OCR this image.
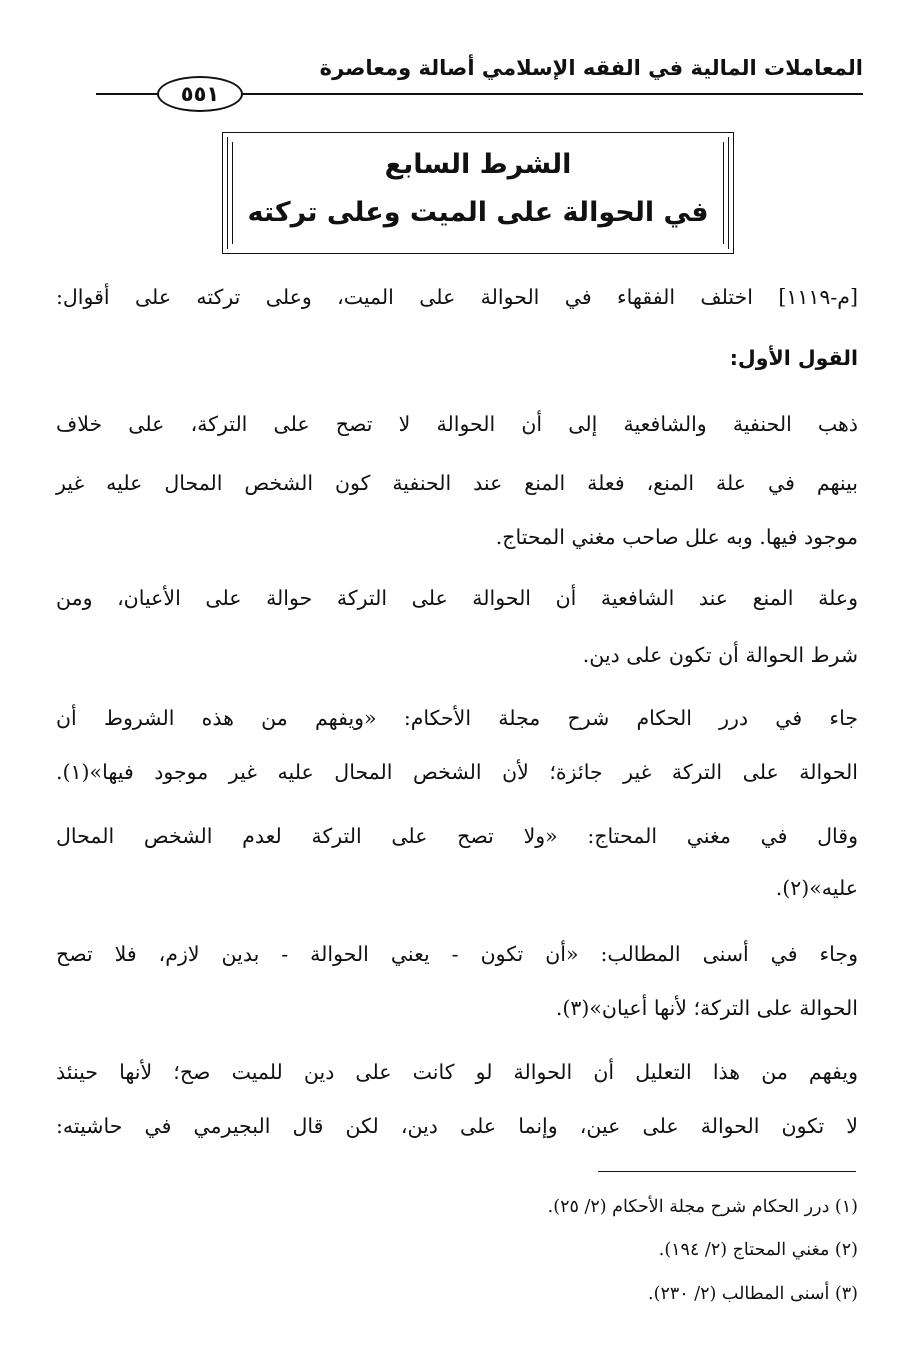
المعاملات المالية في الفقه الإسلامي أصالة ومعاصرة
٥٥١
الشرط السابع
في الحوالة على الميت وعلى تركته
[م-١١١٩] اختلف الفقهاء في الحوالة على الميت، وعلى تركته على أقوال:
القول الأول:
ذهب الحنفية والشافعية إلى أن الحوالة لا تصح على التركة، على خلاف
بينهم في علة المنع، فعلة المنع عند الحنفية كون الشخص المحال عليه غير
موجود فيها. وبه علل صاحب مغني المحتاج.
وعلة المنع عند الشافعية أن الحوالة على التركة حوالة على الأعيان، ومن
شرط الحوالة أن تكون على دين.
جاء في درر الحكام شرح مجلة الأحكام: «ويفهم من هذه الشروط أن
الحوالة على التركة غير جائزة؛ لأن الشخص المحال عليه غير موجود فيها»(١).
وقال في مغني المحتاج: «ولا تصح على التركة لعدم الشخص المحال
عليه»(٢).
وجاء في أسنى المطالب: «أن تكون - يعني الحوالة - بدين لازم، فلا تصح
الحوالة على التركة؛ لأنها أعيان»(٣).
ويفهم من هذا التعليل أن الحوالة لو كانت على دين للميت صح؛ لأنها حينئذ
لا تكون الحوالة على عين، وإنما على دين، لكن قال البجيرمي في حاشيته:
(١) درر الحكام شرح مجلة الأحكام (٢/ ٢٥).
(٢) مغني المحتاج (٢/ ١٩٤).
(٣) أسنى المطالب (٢/ ٢٣٠).
